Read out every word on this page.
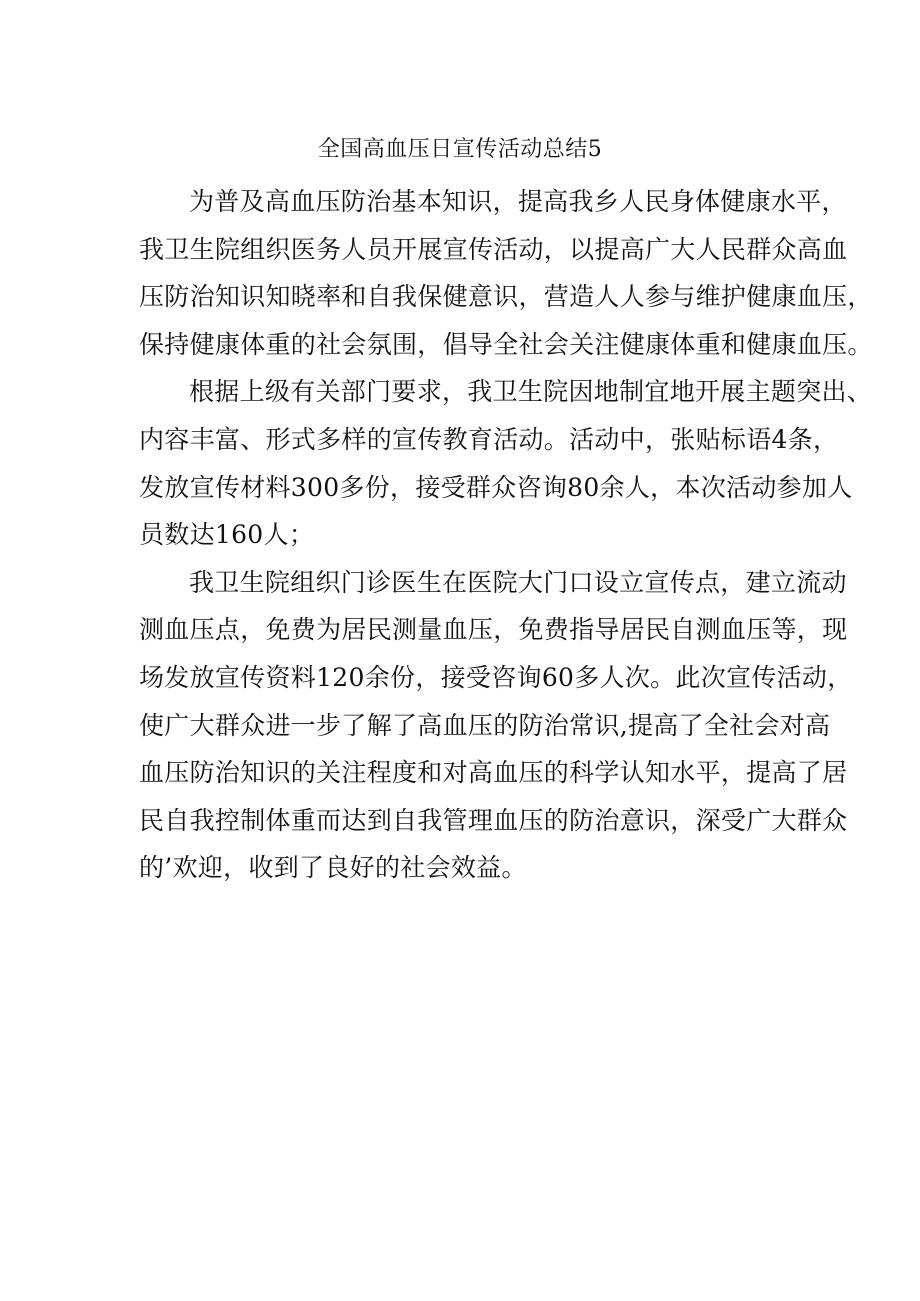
全国高血压日宣传活动总结5

为普及高血压防治基本知识，提高我乡人民身体健康水平，
我卫生院组织医务人员开展宣传活动，以提高广大人民群众高血
压防治知识知晓率和自我保健意识，营造人人参与维护健康血压，
保持健康体重的社会氛围，倡导全社会关注健康体重和健康血压。

根据上级有关部门要求，我卫生院因地制宜地开展主题突出、
内容丰富、形式多样的宣传教育活动。活动中，张贴标语4条，
发放宣传材料300多份，接受群众咨询80余人，本次活动参加人
员数达160人；

我卫生院组织门诊医生在医院大门口设立宣传点，建立流动
测血压点，免费为居民测量血压，免费指导居民自测血压等，现
场发放宣传资料120余份，接受咨询60多人次。此次宣传活动，
使广大群众进一步了解了高血压的防治常识,提高了全社会对高
血压防治知识的关注程度和对高血压的科学认知水平，提高了居
民自我控制体重而达到自我管理血压的防治意识，深受广大群众
的’欢迎，收到了良好的社会效益。
